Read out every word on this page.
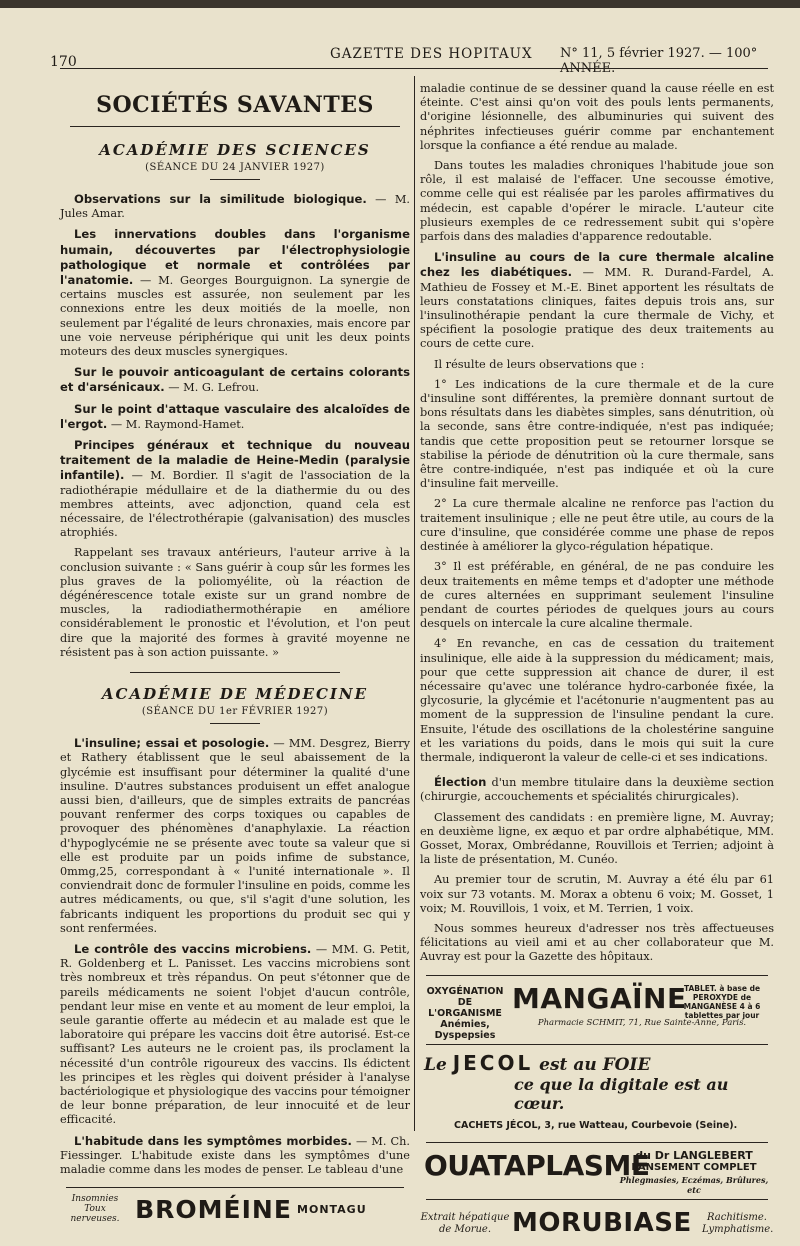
170	GAZETTE DES HOPITAUX N° 11, 5 février 1927. — 100° ANNÉE.
SOCIÉTÉS SAVANTES
ACADÉMIE DES SCIENCES
(SÉANCE DU 24 JANVIER 1927)

Observations sur la similitude biologique. — M. Jules Amar.

Les innervations doubles dans l'organisme humain, découvertes par l'électrophysiologie pathologique et normale et contrôlées par l'anatomie. — M. Georges Bourguignon. La synergie de certains muscles est assurée, non seulement par les connexions entre les deux moitiés de la moelle, non seulement par l'égalité de leurs chronaxies, mais encore par une voie nerveuse périphérique qui unit les deux points moteurs des deux muscles synergiques.

Sur le pouvoir anticoagulant de certains colorants et d'arsénicaux. — M. G. Lefrou.

Sur le point d'attaque vasculaire des alcaloïdes de l'ergot. — M. Raymond-Hamet.

Principes généraux et technique du nouveau traitement de la maladie de Heine-Medin (paralysie infantile). — M. Bordier. Il s'agit de l'association de la radiothérapie médullaire et de la diathermie du ou des membres atteints, avec adjonction, quand cela est nécessaire, de l'électrothérapie (galvanisation) des muscles atrophiés.

Rappelant ses travaux antérieurs, l'auteur arrive à la conclusion suivante : « Sans guérir à coup sûr les formes les plus graves de la poliomyélite, où la réaction de dégénérescence totale existe sur un grand nombre de muscles, la radiodiathermothérapie en améliore considérablement le pronostic et l'évolution, et l'on peut dire que la majorité des formes à gravité moyenne ne résistent pas à son action puissante. »

ACADÉMIE DE MÉDECINE
(SÉANCE DU 1er FÉVRIER 1927)

L'insuline; essai et posologie. — MM. Desgrez, Bierry et Rathery établissent que le seul abaissement de la glycémie est insuffisant pour déterminer la qualité d'une insuline. D'autres substances produisent un effet analogue aussi bien, d'ailleurs, que de simples extraits de pancréas pouvant renfermer des corps toxiques ou capables de provoquer des phénomènes d'anaphylaxie. La réaction d'hypoglycémie ne se présente avec toute sa valeur que si elle est produite par un poids infime de substance, 0mmg,25, correspondant à « l'unité internationale ». Il conviendrait donc de formuler l'insuline en poids, comme les autres médicaments, ou que, s'il s'agit d'une solution, les fabricants indiquent les proportions du produit sec qui y sont renfermées.

Le contrôle des vaccins microbiens. — MM. G. Petit, R. Goldenberg et L. Panisset. Les vaccins microbiens sont très nombreux et très répandus. On peut s'étonner que de pareils médicaments ne soient l'objet d'aucun contrôle, pendant leur mise en vente et au moment de leur emploi, la seule garantie offerte au médecin et au malade est que le laboratoire qui prépare les vaccins doit être autorisé. Est-ce suffisant? Les auteurs ne le croient pas, ils proclament la nécessité d'un contrôle rigoureux des vaccins. Ils édictent les principes et les règles qui doivent présider à l'analyse bactériologique et physiologique des vaccins pour témoigner de leur bonne préparation, de leur innocuité et de leur efficacité.

L'habitude dans les symptômes morbides. — M. Ch. Fiessinger. L'habitude existe dans les symptômes d'une maladie comme dans les modes de penser. Le tableau d'une

Insomnies Toux nerveuses. BROMÉINE MONTAGU

maladie continue de se dessiner quand la cause réelle en est éteinte. C'est ainsi qu'on voit des pouls lents permanents, d'origine lésionnelle, des albuminuries qui suivent des néphrites infectieuses guérir comme par enchantement lorsque la confiance a été rendue au malade.

Dans toutes les maladies chroniques l'habitude joue son rôle, il est malaisé de l'effacer. Une secousse émotive, comme celle qui est réalisée par les paroles affirmatives du médecin, est capable d'opérer le miracle. L'auteur cite plusieurs exemples de ce redressement subit qui s'opère parfois dans des maladies d'apparence redoutable.

L'insuline au cours de la cure thermale alcaline chez les diabétiques. — MM. R. Durand-Fardel, A. Mathieu de Fossey et M.-E. Binet apportent les résultats de leurs constatations cliniques, faites depuis trois ans, sur l'insulinothérapie pendant la cure thermale de Vichy, et spécifient la posologie pratique des deux traitements au cours de cette cure.

Il résulte de leurs observations que :

1° Les indications de la cure thermale et de la cure d'insuline sont différentes, la première donnant surtout de bons résultats dans les diabètes simples, sans dénutrition, où la seconde, sans être contre-indiquée, n'est pas indiquée; tandis que cette proposition peut se retourner lorsque se stabilise la période de dénutrition où la cure thermale, sans être contre-indiquée, n'est pas indiquée et où la cure d'insuline fait merveille.

2° La cure thermale alcaline ne renforce pas l'action du traitement insulinique ; elle ne peut être utile, au cours de la cure d'insuline, que considérée comme une phase de repos destinée à améliorer la glyco-régulation hépatique.

3° Il est préférable, en général, de ne pas conduire les deux traitements en même temps et d'adopter une méthode de cures alternées en supprimant seulement l'insuline pendant de courtes périodes de quelques jours au cours desquels on intercale la cure alcaline thermale.

4° En revanche, en cas de cessation du traitement insulinique, elle aide à la suppression du médicament; mais, pour que cette suppression ait chance de durer, il est nécessaire qu'avec une tolérance hydro-carbonée fixée, la glycosurie, la glycémie et l'acétonurie n'augmentent pas au moment de la suppression de l'insuline pendant la cure. Ensuite, l'étude des oscillations de la cholestérine sanguine et les variations du poids, dans le mois qui suit la cure thermale, indiqueront la valeur de celle-ci et ses indications.

Élection d'un membre titulaire dans la deuxième section (chirurgie, accouchements et spécialités chirurgicales).

Classement des candidats : en première ligne, M. Auvray; en deuxième ligne, ex æquo et par ordre alphabétique, MM. Gosset, Morax, Ombrédanne, Rouvillois et Terrien; adjoint à la liste de présentation, M. Cunéo.

Au premier tour de scrutin, M. Auvray a été élu par 61 voix sur 73 votants. M. Morax a obtenu 6 voix; M. Gosset, 1 voix; M. Rouvillois, 1 voix, et M. Terrien, 1 voix.

Nous sommes heureux d'adresser nos très affectueuses félicitations au vieil ami et au cher collaborateur que M. Auvray est pour la Gazette des hôpitaux.

OXYGÉNATION DE L'ORGANISME Anémies, Dyspepsies
MANGAÏNE
TABLET. à base de PEROXYDE de MANGANÈSE 4 à 6 tablettes par jour
Pharmacie SCHMIT, 71, Rue Sainte-Anne, Paris.
Le JECOL est au FOIE
ce que la digitale est au cœur.
CACHETS JÉCOL, 3, rue Watteau, Courbevoie (Seine).
OUATAPLASME
du Dr LANGLEBERT
PANSEMENT COMPLET
Phlegmasies, Eczémas, Brûlures, etc
Extrait hépatique de Morue. MORUBIASE	Rachitisme. Lymphatisme.
